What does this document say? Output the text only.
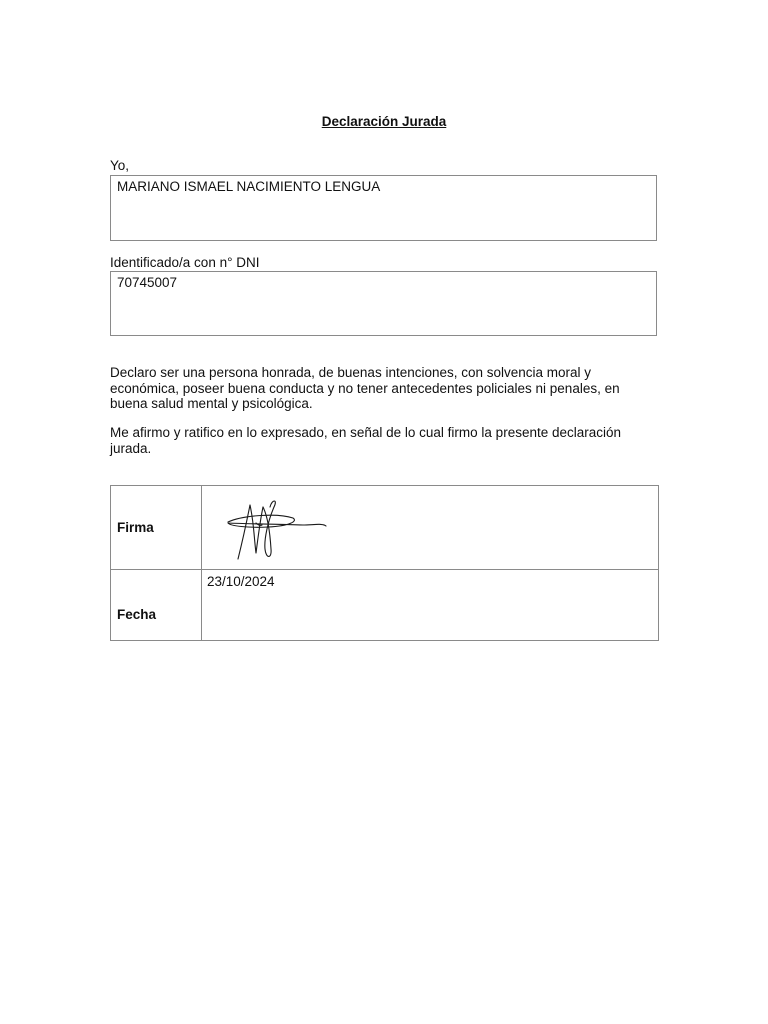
Declaración Jurada
Yo,
MARIANO ISMAEL NACIMIENTO LENGUA
Identificado/a con n° DNI
70745007
Declaro ser una persona honrada, de buenas intenciones, con solvencia moral y económica, poseer buena conducta y no tener antecedentes policiales ni penales, en buena salud mental y psicológica.
Me afirmo y ratifico en lo expresado, en señal de lo cual firmo la presente declaración jurada.
Firma	

Fecha	23/10/2024
